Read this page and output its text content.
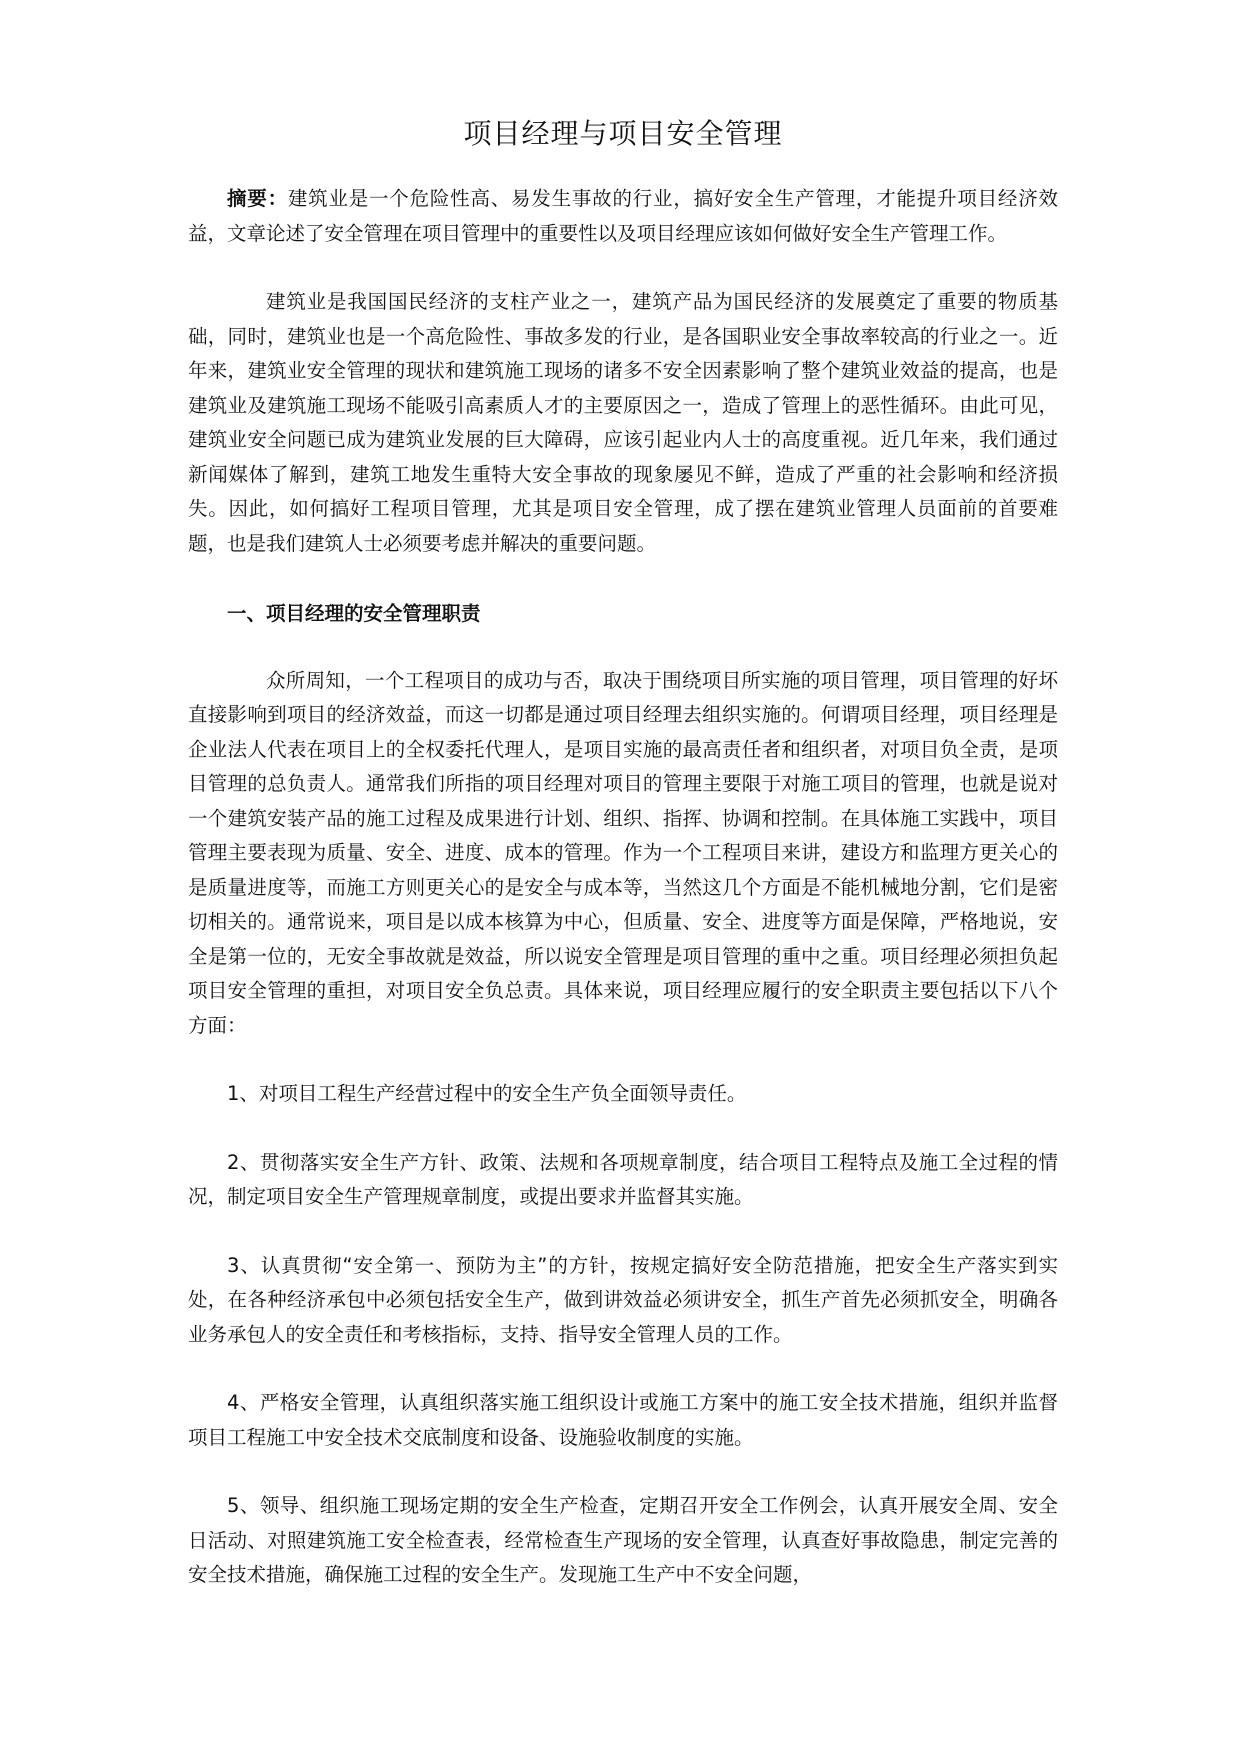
项目经理与项目安全管理

摘要：建筑业是一个危险性高、易发生事故的行业，搞好安全生产管理，才能提升项目经济效益，文章论述了安全管理在项目管理中的重要性以及项目经理应该如何做好安全生产管理工作。

建筑业是我国国民经济的支柱产业之一，建筑产品为国民经济的发展奠定了重要的物质基础，同时，建筑业也是一个高危险性、事故多发的行业，是各国职业安全事故率较高的行业之一。近年来，建筑业安全管理的现状和建筑施工现场的诸多不安全因素影响了整个建筑业效益的提高，也是建筑业及建筑施工现场不能吸引高素质人才的主要原因之一，造成了管理上的恶性循环。由此可见，建筑业安全问题已成为建筑业发展的巨大障碍，应该引起业内人士的高度重视。近几年来，我们通过新闻媒体了解到，建筑工地发生重特大安全事故的现象屡见不鲜，造成了严重的社会影响和经济损失。因此，如何搞好工程项目管理，尤其是项目安全管理，成了摆在建筑业管理人员面前的首要难题，也是我们建筑人士必须要考虑并解决的重要问题。

一、项目经理的安全管理职责

众所周知，一个工程项目的成功与否，取决于围绕项目所实施的项目管理，项目管理的好坏直接影响到项目的经济效益，而这一切都是通过项目经理去组织实施的。何谓项目经理，项目经理是企业法人代表在项目上的全权委托代理人，是项目实施的最高责任者和组织者，对项目负全责，是项目管理的总负责人。通常我们所指的项目经理对项目的管理主要限于对施工项目的管理，也就是说对一个建筑安装产品的施工过程及成果进行计划、组织、指挥、协调和控制。在具体施工实践中，项目管理主要表现为质量、安全、进度、成本的管理。作为一个工程项目来讲，建设方和监理方更关心的是质量进度等，而施工方则更关心的是安全与成本等，当然这几个方面是不能机械地分割，它们是密切相关的。通常说来，项目是以成本核算为中心，但质量、安全、进度等方面是保障，严格地说，安全是第一位的，无安全事故就是效益，所以说安全管理是项目管理的重中之重。项目经理必须担负起项目安全管理的重担，对项目安全负总责。具体来说，项目经理应履行的安全职责主要包括以下八个方面：

1、对项目工程生产经营过程中的安全生产负全面领导责任。

2、贯彻落实安全生产方针、政策、法规和各项规章制度，结合项目工程特点及施工全过程的情况，制定项目安全生产管理规章制度，或提出要求并监督其实施。

3、认真贯彻“安全第一、预防为主”的方针，按规定搞好安全防范措施，把安全生产落实到实处，在各种经济承包中必须包括安全生产，做到讲效益必须讲安全，抓生产首先必须抓安全，明确各业务承包人的安全责任和考核指标，支持、指导安全管理人员的工作。

4、严格安全管理，认真组织落实施工组织设计或施工方案中的施工安全技术措施，组织并监督项目工程施工中安全技术交底制度和设备、设施验收制度的实施。

5、领导、组织施工现场定期的安全生产检查，定期召开安全工作例会，认真开展安全周、安全日活动、对照建筑施工安全检查表，经常检查生产现场的安全管理，认真查好事故隐患，制定完善的安全技术措施，确保施工过程的安全生产。发现施工生产中不安全问题，
